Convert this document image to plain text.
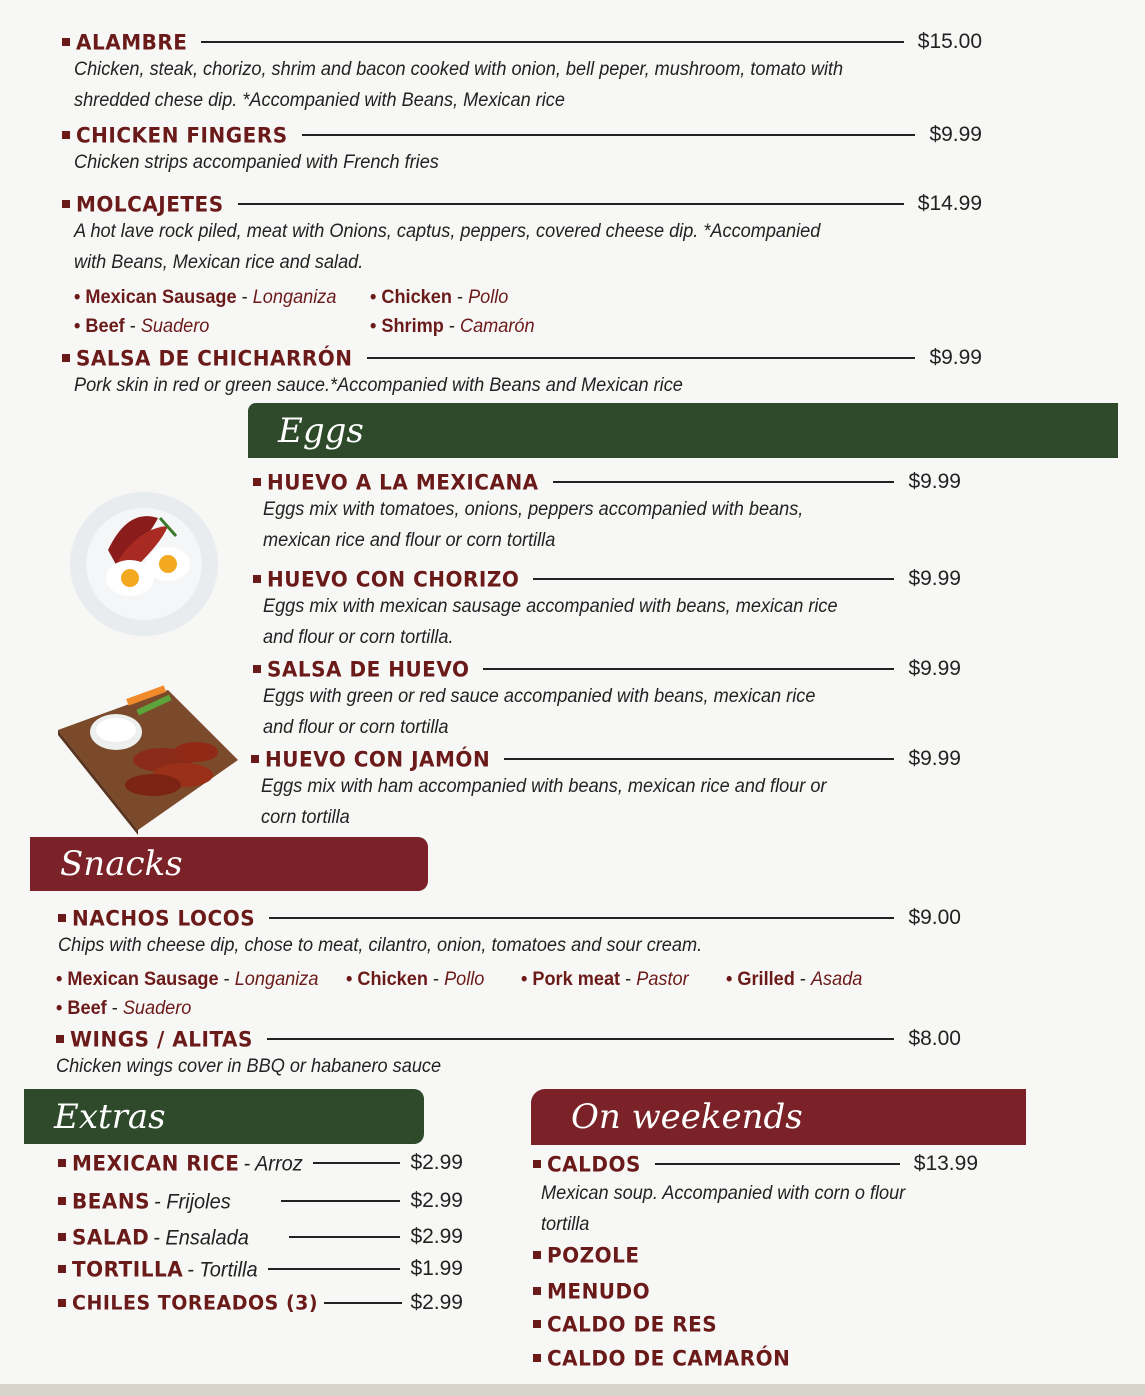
ALAMBRE	$15.00
Chicken, steak, chorizo, shrim and bacon cooked with onion, bell peper, mushroom, tomato with
shredded chese dip. *Accompanied with Beans, Mexican rice
CHICKEN FINGERS	$9.99
Chicken strips accompanied with French fries
MOLCAJETES	$14.99
A hot lave rock piled, meat with Onions, captus, peppers, covered cheese dip. *Accompanied
with Beans, Mexican rice and salad.
• Mexican Sausage - Longaniza • Chicken - Pollo
• Beef - Suadero	• Shrimp - Camarón
SALSA DE CHICHARRÓN	$9.99
Pork skin in red or green sauce.*Accompanied with Beans and Mexican rice
Eggs
HUEVO A LA MEXICANA	$9.99
Eggs mix with tomatoes, onions, peppers accompanied with beans,
mexican rice and flour or corn tortilla
HUEVO CON CHORIZO	$9.99
Eggs mix with mexican sausage accompanied with beans, mexican rice
and flour or corn tortilla.
SALSA DE HUEVO	$9.99
Eggs with green or red sauce accompanied with beans, mexican rice
and flour or corn tortilla
HUEVO CON JAMÓN	$9.99
Eggs mix with ham accompanied with beans, mexican rice and flour or
corn tortilla
Snacks
NACHOS LOCOS	$9.00
Chips with cheese dip, chose to meat, cilantro, onion, tomatoes and sour cream.
• Mexican Sausage - Longaniza • Chicken - Pollo • Pork meat - Pastor • Grilled - Asada
• Beef - Suadero
WINGS / ALITAS	$8.00
Chicken wings cover in BBQ or habanero sauce
Extras
MEXICAN RICE - Arroz	$2.99
BEANS - Frijoles	$2.99
SALAD - Ensalada	$2.99
TORTILLA - Tortilla	$1.99
CHILES TOREADOS (3)	$2.99
On weekends
CALDOS	$13.99
Mexican soup. Accompanied with corn o flour
tortilla
POZOLE
MENUDO
CALDO DE RES
CALDO DE CAMARÓN
